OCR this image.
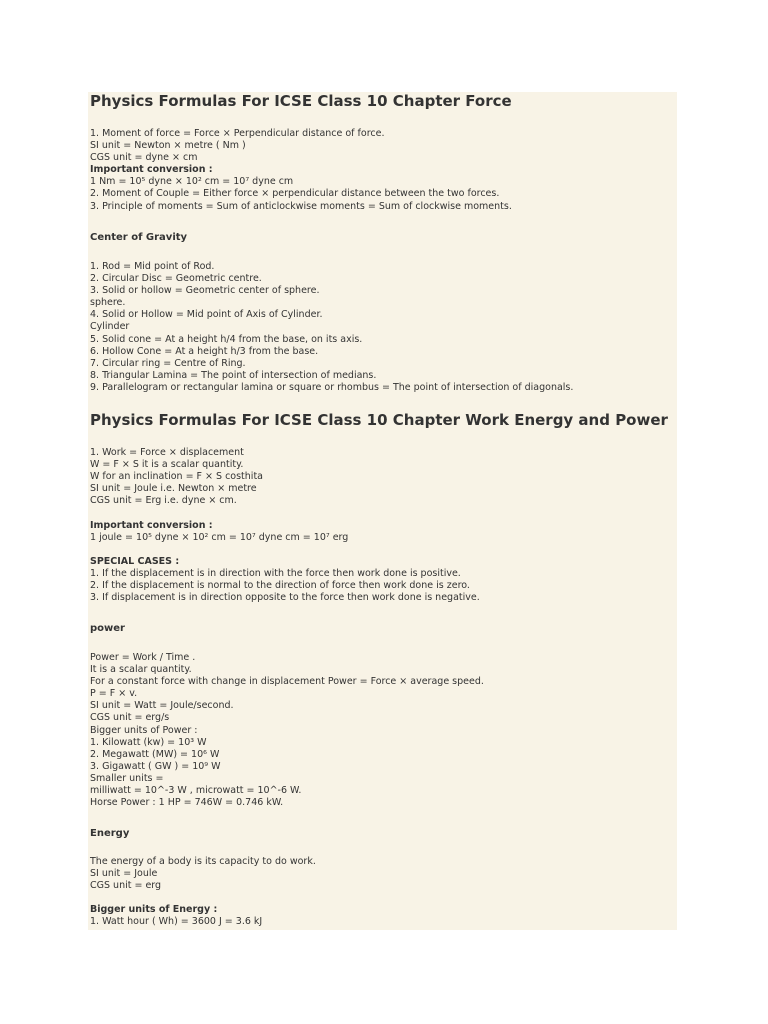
Physics Formulas For ICSE Class 10 Chapter Force
1. Moment of force = Force × Perpendicular distance of force.
SI unit = Newton × metre ( Nm )
CGS unit = dyne × cm
Important conversion :
1 Nm = 10⁵ dyne × 10² cm = 10⁷ dyne cm
2. Moment of Couple = Either force × perpendicular distance between the two forces.
3. Principle of moments = Sum of anticlockwise moments = Sum of clockwise moments.
Center of Gravity
1. Rod = Mid point of Rod.
2. Circular Disc = Geometric centre.
3. Solid or hollow = Geometric center of sphere.
sphere.
4. Solid or Hollow = Mid point of Axis of Cylinder.
Cylinder
5. Solid cone = At a height h/4 from the base, on its axis.
6. Hollow Cone = At a height h/3 from the base.
7. Circular ring = Centre of Ring.
8. Triangular Lamina = The point of intersection of medians.
9. Parallelogram or rectangular lamina or square or rhombus = The point of intersection of diagonals.
Physics Formulas For ICSE Class 10 Chapter Work Energy and Power
1. Work = Force × displacement
W = F × S it is a scalar quantity.
W for an inclination = F × S costhita
SI unit = Joule i.e. Newton × metre
CGS unit = Erg i.e. dyne × cm.
Important conversion :
1 joule = 10⁵ dyne × 10² cm = 10⁷ dyne cm = 10⁷ erg
SPECIAL CASES :
1. If the displacement is in direction with the force then work done is positive.
2. If the displacement is normal to the direction of force then work done is zero.
3. If displacement is in direction opposite to the force then work done is negative.
power
Power = Work / Time .
It is a scalar quantity.
For a constant force with change in displacement Power = Force × average speed.
P = F × v.
SI unit = Watt = Joule/second.
CGS unit = erg/s
Bigger units of Power :
1. Kilowatt (kw) = 10³ W
2. Megawatt (MW) = 10⁶ W
3. Gigawatt ( GW ) = 10⁹ W
Smaller units =
milliwatt = 10^-3 W , microwatt = 10^-6 W.
Horse Power : 1 HP = 746W = 0.746 kW.
Energy
The energy of a body is its capacity to do work.
SI unit = Joule
CGS unit = erg
Bigger units of Energy :
1. Watt hour ( Wh) = 3600 J = 3.6 kJ
